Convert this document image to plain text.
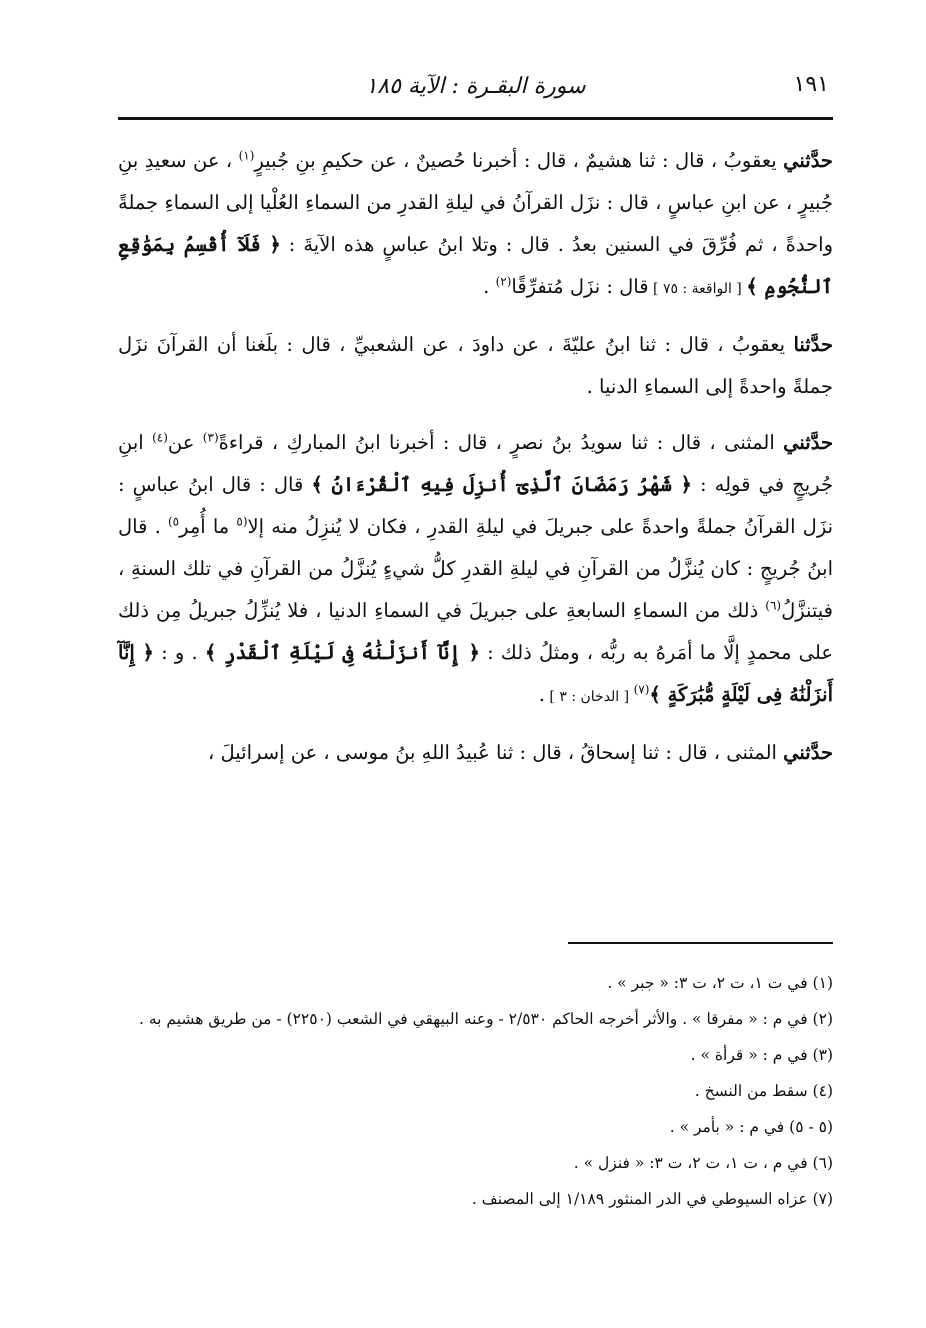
سورة البقـرة : الآية ١٨٥	١٩١

حدَّثني يعقوبُ ، قال : ثنا هشيمٌ ، قال : أخبرنا حُصينٌ ، عن حكيمِ بنِ جُبيرٍ$^{(١)}$ ، عن سعيدِ بنِ جُبيرٍ ، عن ابنِ عباسٍ ، قال : نزَل القرآنُ في ليلةِ القدرِ من السماءِ العُلْيا إلى السماءِ جملةً واحدةً ، ثم فُرِّقَ في السنين بعدُ . قال : وتلا ابنُ عباسٍ هذه الآيةَ : ﴿ فَلَآ أُقْسِمُ بِمَوَٰقِعِ ٱلنُّجُومِ ﴾ [ الواقعة : ٧٥ ] قال : نزَل مُتفرِّقًا$^{(٢)}$ .

حدَّثنا يعقوبُ ، قال : ثنا ابنُ عليّةَ ، عن داودَ ، عن الشعبيِّ ، قال : بلَغنا أن القرآنَ نزَل جملةً واحدةً إلى السماءِ الدنيا .

حدَّثني المثنى ، قال : ثنا سويدُ بنُ نصرٍ ، قال : أخبرنا ابنُ المباركِ ، قراءةً$^{(٣)}$ عن$^{(٤)}$ ابنِ جُريجٍ في قولِه : ﴿ شَهْرُ رَمَضَانَ ٱلَّذِىٓ أُنزِلَ فِيهِ ٱلْقُرْءَانُ ﴾ قال : قال ابنُ عباسٍ : نزَل القرآنُ جملةً واحدةً على جبريلَ في ليلةِ القدرِ ، فكان لا يُنزِلُ منه إلا$^{(٥}$ ما أُمِر$^{٥)}$ . قال ابنُ جُريجٍ : كان يُنزَّلُ من القرآنِ في ليلةِ القدرِ كلُّ شيءٍ يُنزَّلُ من القرآنِ في تلك السنةِ ، فيتنزَّلُ$^{(٦)}$ ذلك من السماءِ السابعةِ على جبريلَ في السماءِ الدنيا ، فلا يُنزِّلُ جبريلُ مِن ذلك على محمدٍ إلَّا ما أمَرهُ به ربُّه ، ومثلُ ذلك : ﴿ إِنَّآ أَنزَلْنَٰهُ فِى لَيْلَةِ ٱلْقَدْرِ ﴾ . و : ﴿ إِنَّآ أَنزَلْنَٰهُ فِى لَيْلَةٍ مُّبَٰرَكَةٍ ﴾$^{(٧)}$ [ الدخان : ٣ ] .

حدَّثني المثنى ، قال : ثنا إسحاقُ ، قال : ثنا عُبيدُ اللهِ بنُ موسى ، عن إسرائيلَ ،

(١) في ت ١، ت ٢، ت ٣: « جبر » .

(٢) في م : « مفرقا » . والأثر أخرجه الحاكم ٢/٥٣٠ - وعنه البيهقي في الشعب (٢٢٥٠) - من طريق هشيم به .

(٣) في م : « قرأة » .

(٤) سقط من النسخ .

(٥ - ٥) في م : « بأمر » .

(٦) في م ، ت ١، ت ٢، ت ٣: « فنزل » .

(٧) عزاه السيوطي في الدر المنثور ١/١٨٩ إلى المصنف .
